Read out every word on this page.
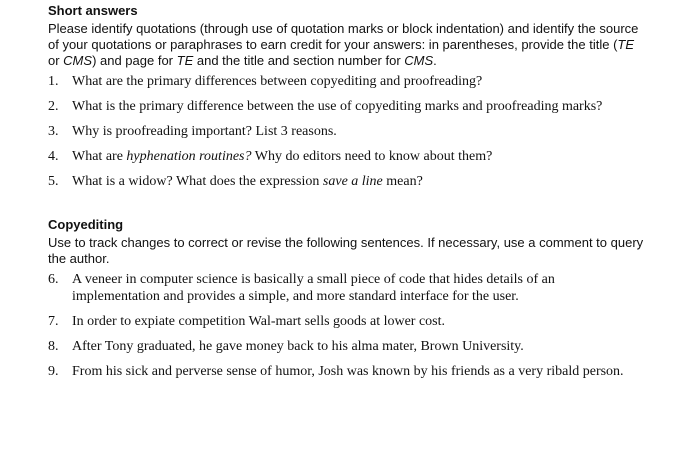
Short answers
Please identify quotations (through use of quotation marks or block indentation) and identify the source of your quotations or paraphrases to earn credit for your answers: in parentheses, provide the title (TE or CMS) and page for TE and the title and section number for CMS.
1. What are the primary differences between copyediting and proofreading?
2. What is the primary difference between the use of copyediting marks and proofreading marks?
3. Why is proofreading important? List 3 reasons.
4. What are hyphenation routines? Why do editors need to know about them?
5. What is a widow? What does the expression save a line mean?
Copyediting
Use to track changes to correct or revise the following sentences. If necessary, use a comment to query the author.
6. A veneer in computer science is basically a small piece of code that hides details of an implementation and provides a simple, and more standard interface for the user.
7. In order to expiate competition Wal-mart sells goods at lower cost.
8. After Tony graduated, he gave money back to his alma mater, Brown University.
9. From his sick and perverse sense of humor, Josh was known by his friends as a very ribald person.
